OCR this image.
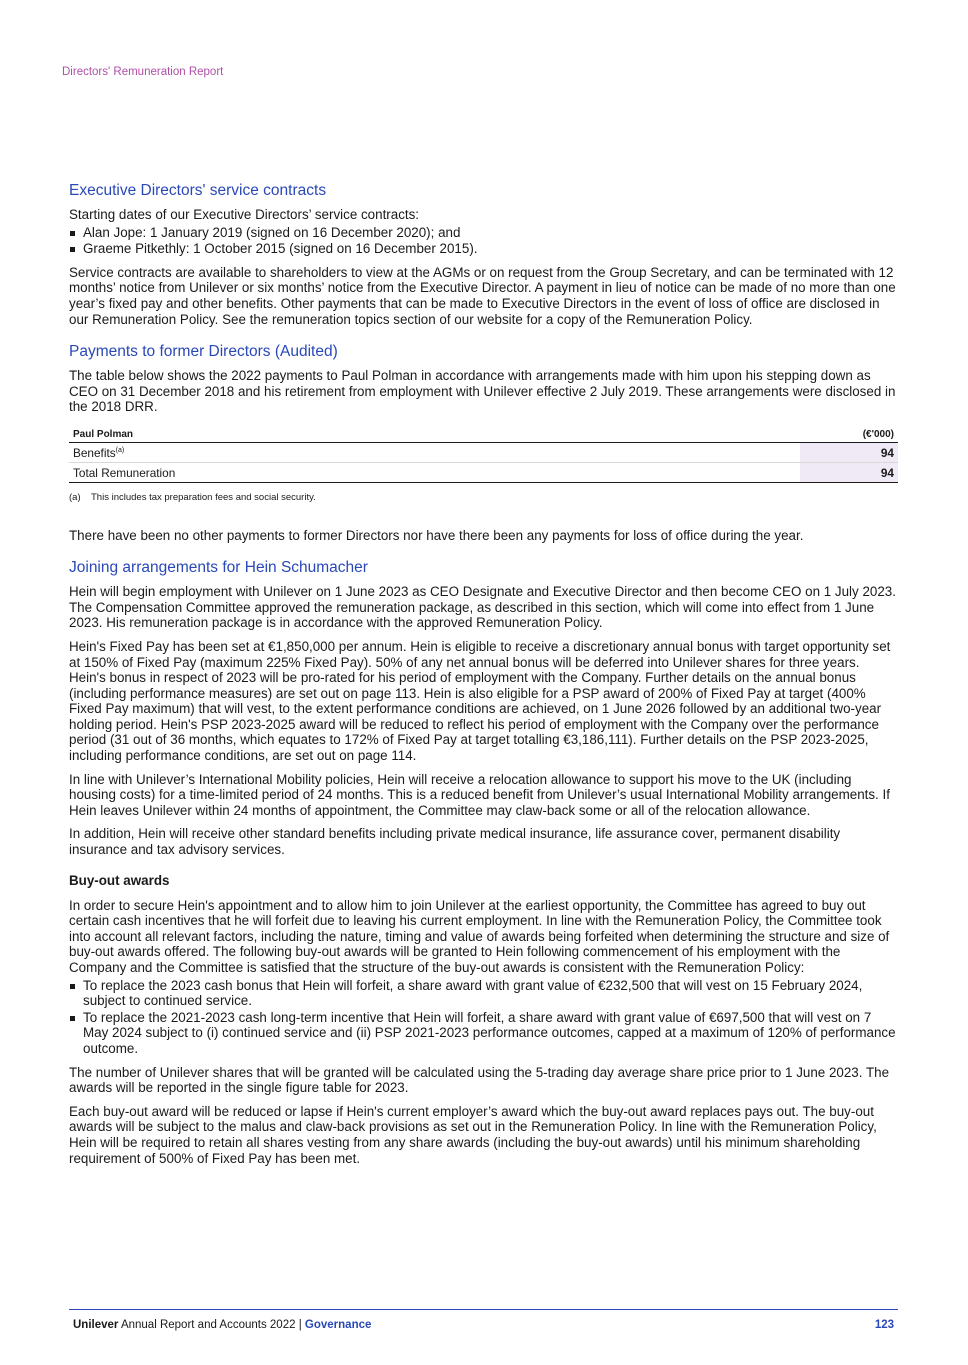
Directors' Remuneration Report
Executive Directors' service contracts

Starting dates of our Executive Directors’ service contracts:

Alan Jope: 1 January 2019 (signed on 16 December 2020); and
Graeme Pitkethly: 1 October 2015 (signed on 16 December 2015).

Service contracts are available to shareholders to view at the AGMs or on request from the Group Secretary, and can be terminated with 12 months’ notice from Unilever or six months’ notice from the Executive Director. A payment in lieu of notice can be made of no more than one year’s fixed pay and other benefits. Other payments that can be made to Executive Directors in the event of loss of office are disclosed in our Remuneration Policy. See the remuneration topics section of our website for a copy of the Remuneration Policy.

Payments to former Directors (Audited)

The table below shows the 2022 payments to Paul Polman in accordance with arrangements made with him upon his stepping down as CEO on 31 December 2018 and his retirement from employment with Unilever effective 2 July 2019. These arrangements were disclosed in the 2018 DRR.

Paul Polman	(€'000)
Benefits$^{(a)}$	94
Total Remuneration	94

(a) This includes tax preparation fees and social security.

There have been no other payments to former Directors nor have there been any payments for loss of office during the year.

Joining arrangements for Hein Schumacher

Hein will begin employment with Unilever on 1 June 2023 as CEO Designate and Executive Director and then become CEO on 1 July 2023. The Compensation Committee approved the remuneration package, as described in this section, which will come into effect from 1 June 2023. His remuneration package is in accordance with the approved Remuneration Policy.

Hein's Fixed Pay has been set at €1,850,000 per annum. Hein is eligible to receive a discretionary annual bonus with target opportunity set at 150% of Fixed Pay (maximum 225% Fixed Pay). 50% of any net annual bonus will be deferred into Unilever shares for three years. Hein's bonus in respect of 2023 will be pro-rated for his period of employment with the Company. Further details on the annual bonus (including performance measures) are set out on page 113. Hein is also eligible for a PSP award of 200% of Fixed Pay at target (400% Fixed Pay maximum) that will vest, to the extent performance conditions are achieved, on 1 June 2026 followed by an additional two-year holding period. Hein's PSP 2023-2025 award will be reduced to reflect his period of employment with the Company over the performance period (31 out of 36 months, which equates to 172% of Fixed Pay at target totalling €3,186,111). Further details on the PSP 2023-2025, including performance conditions, are set out on page 114.

In line with Unilever’s International Mobility policies, Hein will receive a relocation allowance to support his move to the UK (including housing costs) for a time-limited period of 24 months. This is a reduced benefit from Unilever’s usual International Mobility arrangements. If Hein leaves Unilever within 24 months of appointment, the Committee may claw-back some or all of the relocation allowance.

In addition, Hein will receive other standard benefits including private medical insurance, life assurance cover, permanent disability insurance and tax advisory services.

Buy-out awards

In order to secure Hein's appointment and to allow him to join Unilever at the earliest opportunity, the Committee has agreed to buy out certain cash incentives that he will forfeit due to leaving his current employment. In line with the Remuneration Policy, the Committee took into account all relevant factors, including the nature, timing and value of awards being forfeited when determining the structure and size of buy-out awards offered. The following buy-out awards will be granted to Hein following commencement of his employment with the Company and the Committee is satisfied that the structure of the buy-out awards is consistent with the Remuneration Policy:

To replace the 2023 cash bonus that Hein will forfeit, a share award with grant value of €232,500 that will vest on 15 February 2024, subject to continued service.
To replace the 2021-2023 cash long-term incentive that Hein will forfeit, a share award with grant value of €697,500 that will vest on 7 May 2024 subject to (i) continued service and (ii) PSP 2021-2023 performance outcomes, capped at a maximum of 120% of performance outcome.

The number of Unilever shares that will be granted will be calculated using the 5-trading day average share price prior to 1 June 2023. The awards will be reported in the single figure table for 2023.

Each buy-out award will be reduced or lapse if Hein's current employer’s award which the buy-out award replaces pays out. The buy-out awards will be subject to the malus and claw-back provisions as set out in the Remuneration Policy. In line with the Remuneration Policy, Hein will be required to retain all shares vesting from any share awards (including the buy-out awards) until his minimum shareholding requirement of 500% of Fixed Pay has been met.

Unilever Annual Report and Accounts 2022 | Governance	123
